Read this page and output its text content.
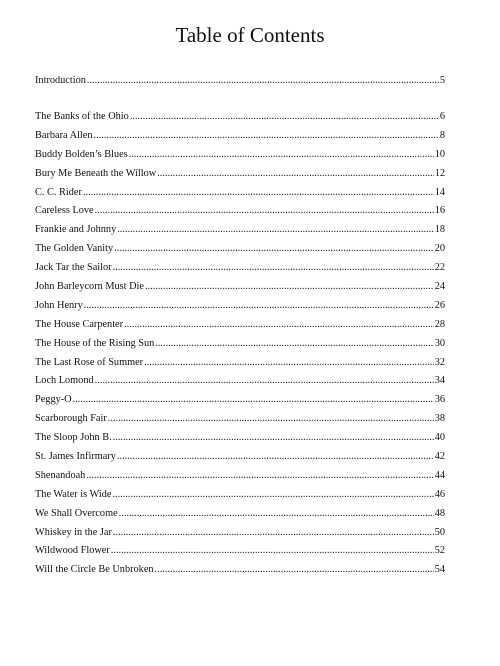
Table of Contents
Introduction .....	5
The Banks of the Ohio .....	6
Barbara Allen .....	8
Buddy Bolden’s Blues .....	10
Bury Me Beneath the Willow .....	12
C. C. Rider .....	14
Careless Love .....	16
Frankie and Johnny .....	18
The Golden Vanity .....	20
Jack Tar the Sailor .....	22
John Barleycorn Must Die .....	24
John Henry .....	26
The House Carpenter .....	28
The House of the Rising Sun .....	30
The Last Rose of Summer .....	32
Loch Lomond .....	34
Peggy-O .....	36
Scarborough Fair .....	38
The Sloop John B. .....	40
St. James Infirmary .....	42
Shenandoah .....	44
The Water is Wide .....	46
We Shall Overcome .....	48
Whiskey in the Jar .....	50
Wildwood Flower .....	52
Will the Circle Be Unbroken .....	54
